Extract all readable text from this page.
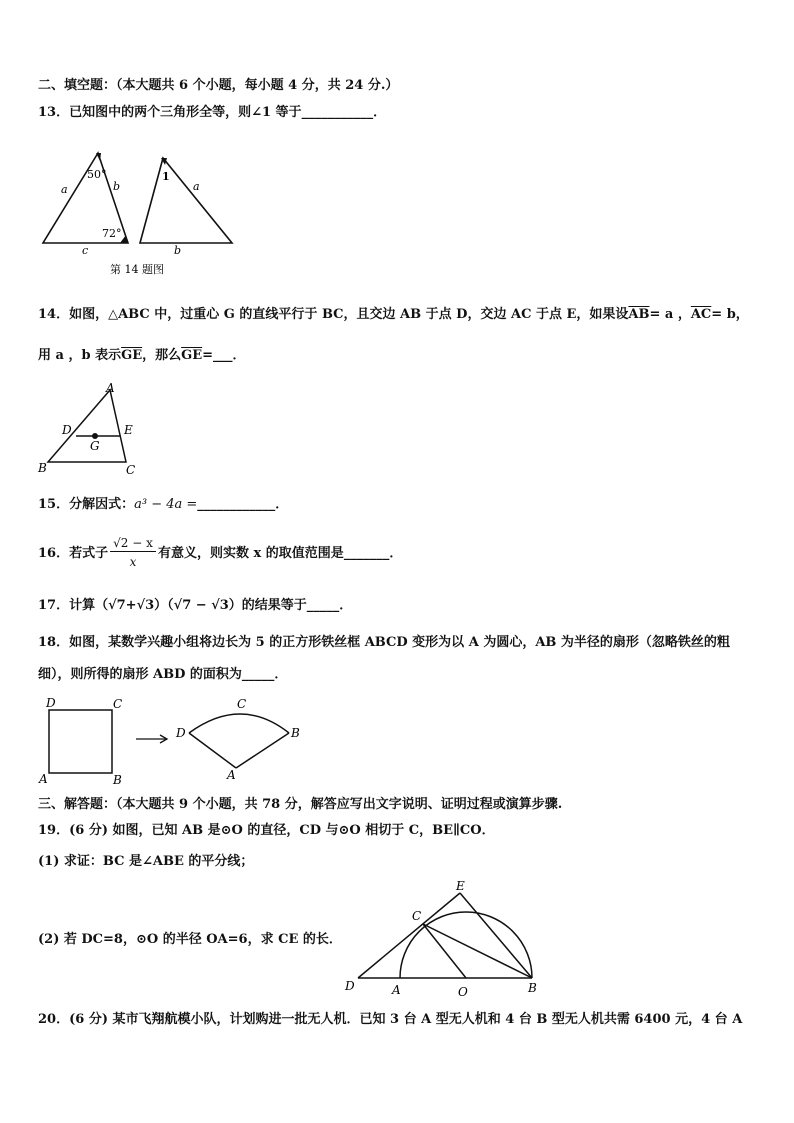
二、填空题：（本大题共 6 个小题，每小题 4 分，共 24 分.）
13．已知图中的两个三角形全等，则∠1 等于___________．
50°
72°
a	b
c
1
a
b
第 14 题图
14．如图，△ABC 中，过重心 G 的直线平行于 BC，且交边 AB 于点 D，交边 AC 于点 E，如果设$\overline{AB}= a$ ，$\overline{AC}= b$，
用 a ，b 表示$\overline{GE}$，那么$\overline{GE}=\_\_\_$．
A
B	C
D	E
G
15．分解因式：a³ − 4a =____________．
16．若式子
√2 − x
x
有意义，则实数 x 的取值范围是_______．
17．计算（√7+√3）（√7 − √3）的结果等于_____．
18．如图，某数学兴趣小组将边长为 5 的正方形铁丝框 ABCD 变形为以 A 为圆心，AB 为半径的扇形（忽略铁丝的粗
细），则所得的扇形 ABD 的面积为_____．
D	C
A	B
D
C
B
A
三、解答题：（本大题共 9 个小题，共 78 分，解答应写出文字说明、证明过程或演算步骤.
19．(6 分) 如图，已知 AB 是⊙O 的直径，CD 与⊙O 相切于 C，BE∥CO．
(1) 求证：BC 是∠ABE 的平分线；
(2) 若 DC=8，⊙O 的半径 OA=6，求 CE 的长．
E
C
D	A	O	B
20．(6 分) 某市飞翔航模小队，计划购进一批无人机．已知 3 台 A 型无人机和 4 台 B 型无人机共需 6400 元，4 台 A
